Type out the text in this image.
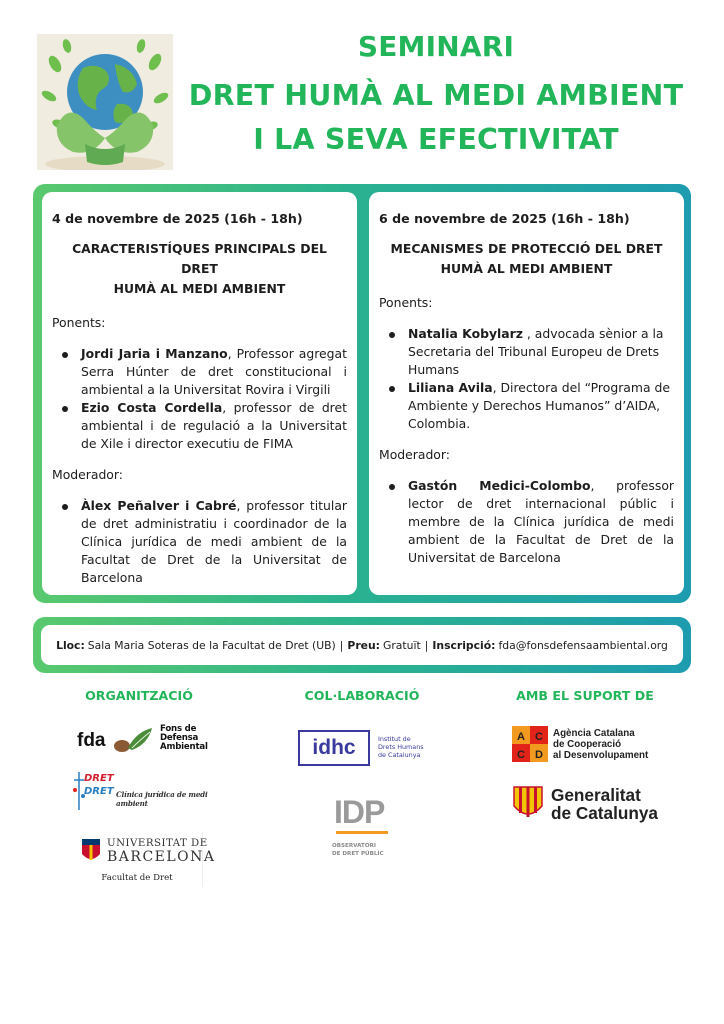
SEMINARI
DRET HUMÀ AL MEDI AMBIENT
I LA SEVA EFECTIVITAT
4 de novembre de 2025 (16h - 18h)
CARACTERISTÍQUES PRINCIPALS DEL DRET
HUMÀ AL MEDI AMBIENT
Ponents:
Jordi Jaria i Manzano, Professor agregat Serra Húnter de dret constitucional i ambiental a la Universitat Rovira i Virgili
Ezio Costa Cordella, professor de dret ambiental i de regulació a la Universitat de Xile i director executiu de FIMA
Moderador:
Àlex Peñalver i Cabré, professor titular de dret administratiu i coordinador de la Clínica jurídica de medi ambient de la Facultat de Dret de la Universitat de Barcelona
6 de novembre de 2025 (16h - 18h)
MECANISMES DE PROTECCIÓ DEL DRET
HUMÀ AL MEDI AMBIENT
Ponents:
Natalia Kobylarz , advocada sènior a la Secretaria del Tribunal Europeu de Drets Humans
Liliana Avila, Directora del “Programa de Ambiente y Derechos Humanos” d’AIDA, Colombia.
Moderador:
Gastón Medici-Colombo, professor lector de dret internacional públic i membre de la Clínica jurídica de medi ambient de la Facultat de Dret de la Universitat de Barcelona
Lloc: Sala Maria Soteras de la Facultat de Dret (UB) | Preu: Gratuït | Inscripció: fda@fonsdefensaambiental.org
ORGANITZACIÓ	COL·LABORACIÓ	AMB EL SUPORT DE
fda
Fons de
Defensa
Ambiental
DRET
DRET Clínica jurídica de medi ambient
UNIVERSITAT DE
BARCELONA
Facultat de Dret
idhc	Institut de
Drets Humans
de Catalunya
IDP
OBSERVATORI
DE DRET PÚBLIC
A C
C D
Agència Catalana
de Cooperació
al Desenvolupament
Generalitat
de Catalunya
